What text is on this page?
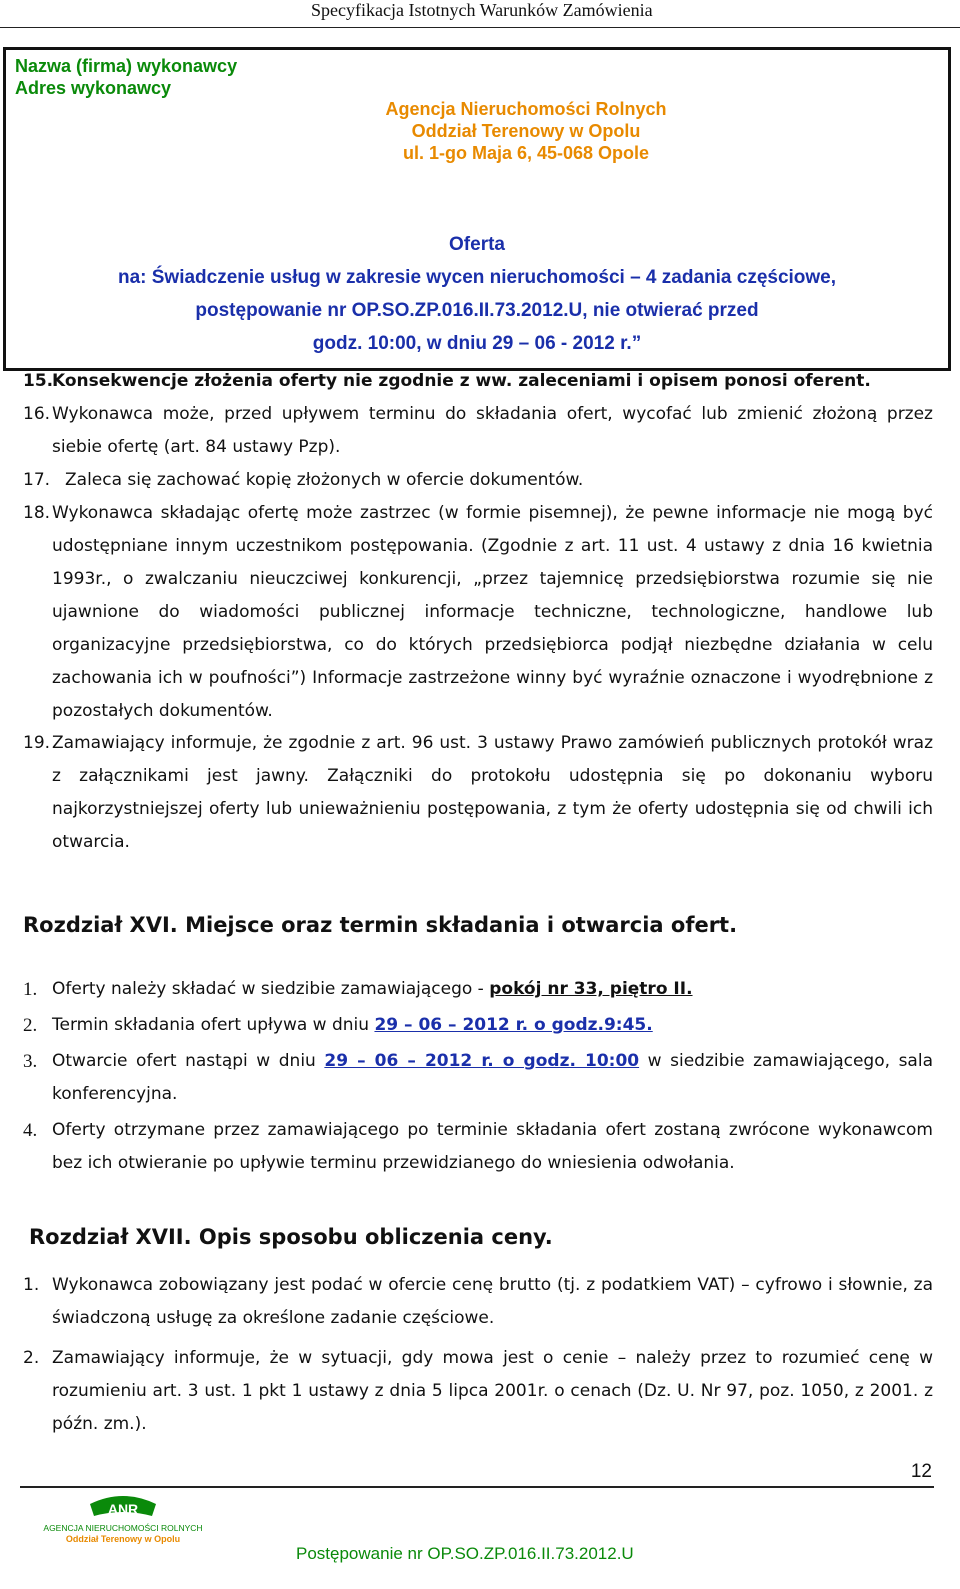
Specyfikacja Istotnych Warunków Zamówienia
Nazwa (firma) wykonawcy
Adres wykonawcy
Agencja Nieruchomości Rolnych
Oddział Terenowy w Opolu
ul. 1-go Maja 6, 45-068 Opole
Oferta
na: Świadczenie usług w zakresie wycen nieruchomości – 4 zadania częściowe,
postępowanie nr OP.SO.ZP.016.II.73.2012.U, nie otwierać przed
godz. 10:00, w dniu 29 – 06 - 2012 r.”
15.
Konsekwencje złożenia oferty nie zgodnie z ww. zaleceniami i opisem ponosi oferent.
16. Wykonawca może, przed upływem terminu do składania ofert, wycofać lub zmienić złożoną przez siebie ofertę (art. 84 ustawy Pzp).
17. Zaleca się zachować kopię złożonych w ofercie dokumentów.
18. Wykonawca składając ofertę może zastrzec (w formie pisemnej), że pewne informacje nie mogą być udostępniane innym uczestnikom postępowania. (Zgodnie z art. 11 ust. 4 ustawy z dnia 16 kwietnia 1993r., o zwalczaniu nieuczciwej konkurencji, „przez tajemnicę przedsiębiorstwa rozumie się nie ujawnione do wiadomości publicznej informacje techniczne, technologiczne, handlowe lub organizacyjne przedsiębiorstwa, co do których przedsiębiorca podjął niezbędne działania w celu zachowania ich w poufności”) Informacje zastrzeżone winny być wyraźnie oznaczone i wyodrębnione z pozostałych dokumentów.
19. Zamawiający informuje, że zgodnie z art. 96 ust. 3 ustawy Prawo zamówień publicznych protokół wraz z załącznikami jest jawny. Załączniki do protokołu udostępnia się po dokonaniu wyboru najkorzystniejszej oferty lub unieważnieniu postępowania, z tym że oferty udostępnia się od chwili ich otwarcia.
Rozdział XVI. Miejsce oraz termin składania i otwarcia ofert.
1. Oferty należy składać w siedzibie zamawiającego - pokój nr 33, piętro II.
2. Termin składania ofert upływa w dniu 29 – 06 – 2012 r. o godz.9:45.
3. Otwarcie ofert nastąpi w dniu 29 – 06 – 2012 r. o godz. 10:00 w siedzibie zamawiającego, sala konferencyjna.
4. Oferty otrzymane przez zamawiającego po terminie składania ofert zostaną zwrócone wykonawcom bez ich otwieranie po upływie terminu przewidzianego do wniesienia odwołania.
Rozdział XVII. Opis sposobu obliczenia ceny.
1. Wykonawca zobowiązany jest podać w ofercie cenę brutto (tj. z podatkiem VAT) – cyfrowo i słownie, za świadczoną usługę za określone zadanie częściowe.
2. Zamawiający informuje, że w sytuacji, gdy mowa jest o cenie – należy przez to rozumieć cenę w rozumieniu art. 3 ust. 1 pkt 1 ustawy z dnia 5 lipca 2001r. o cenach (Dz. U. Nr 97, poz. 1050, z 2001. z późn. zm.).
12
ANR
AGENCJA NIERUCHOMOŚCI ROLNYCH
Oddział Terenowy w Opolu
Postępowanie nr OP.SO.ZP.016.II.73.2012.U
